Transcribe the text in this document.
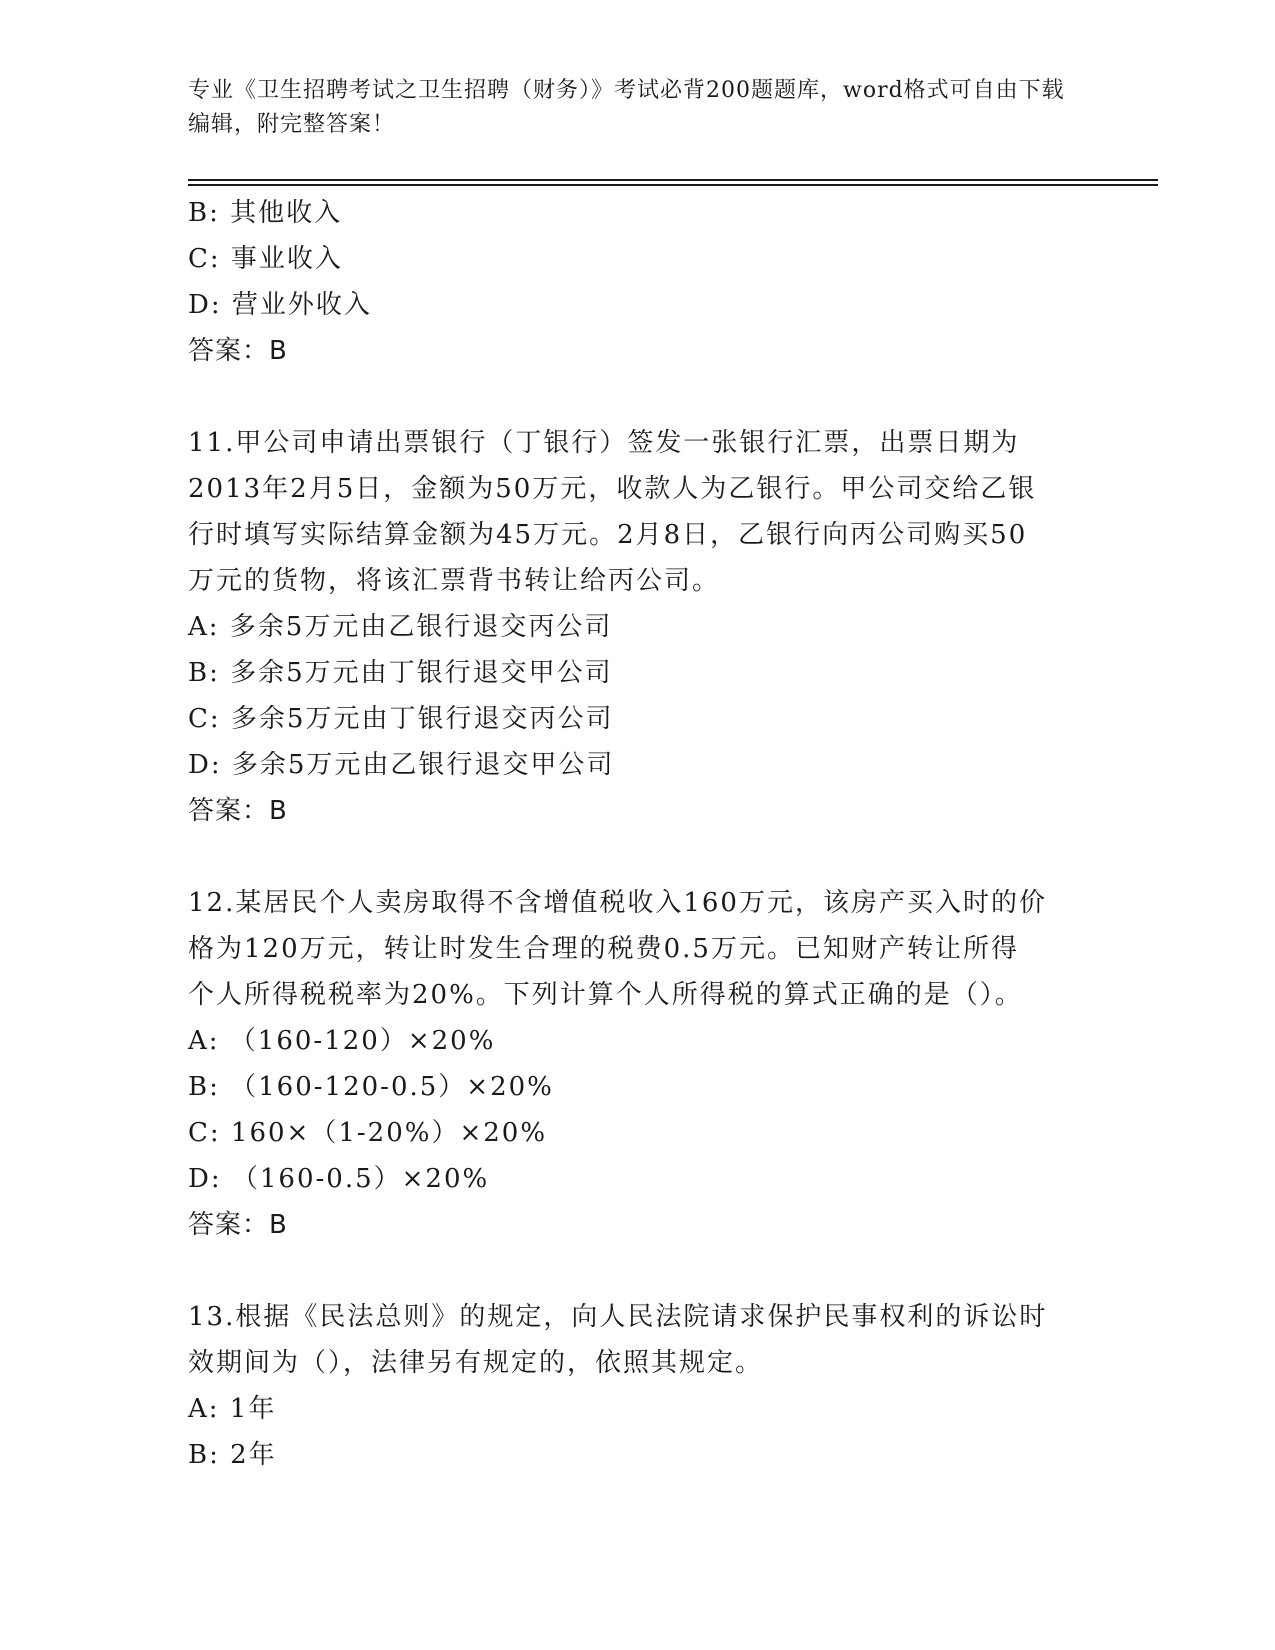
专业《卫生招聘考试之卫生招聘（财务）》考试必背200题题库，word格式可自由下载编辑，附完整答案！
B: 其他收入
C: 事业收入
D: 营业外收入
答案：B
11.甲公司申请出票银行（丁银行）签发一张银行汇票，出票日期为
2013年2月5日，金额为50万元，收款人为乙银行。甲公司交给乙银
行时填写实际结算金额为45万元。2月8日，乙银行向丙公司购买50
万元的货物，将该汇票背书转让给丙公司。
A: 多余5万元由乙银行退交丙公司
B: 多余5万元由丁银行退交甲公司
C: 多余5万元由丁银行退交丙公司
D: 多余5万元由乙银行退交甲公司
答案：B
12.某居民个人卖房取得不含增值税收入160万元，该房产买入时的价
格为120万元，转让时发生合理的税费0.5万元。已知财产转让所得
个人所得税税率为20%。下列计算个人所得税的算式正确的是（）。
A: （160-120）×20%
B: （160-120-0.5）×20%
C: 160×（1-20%）×20%
D: （160-0.5）×20%
答案：B
13.根据《民法总则》的规定，向人民法院请求保护民事权利的诉讼时
效期间为（），法律另有规定的，依照其规定。
A: 1年
B: 2年
